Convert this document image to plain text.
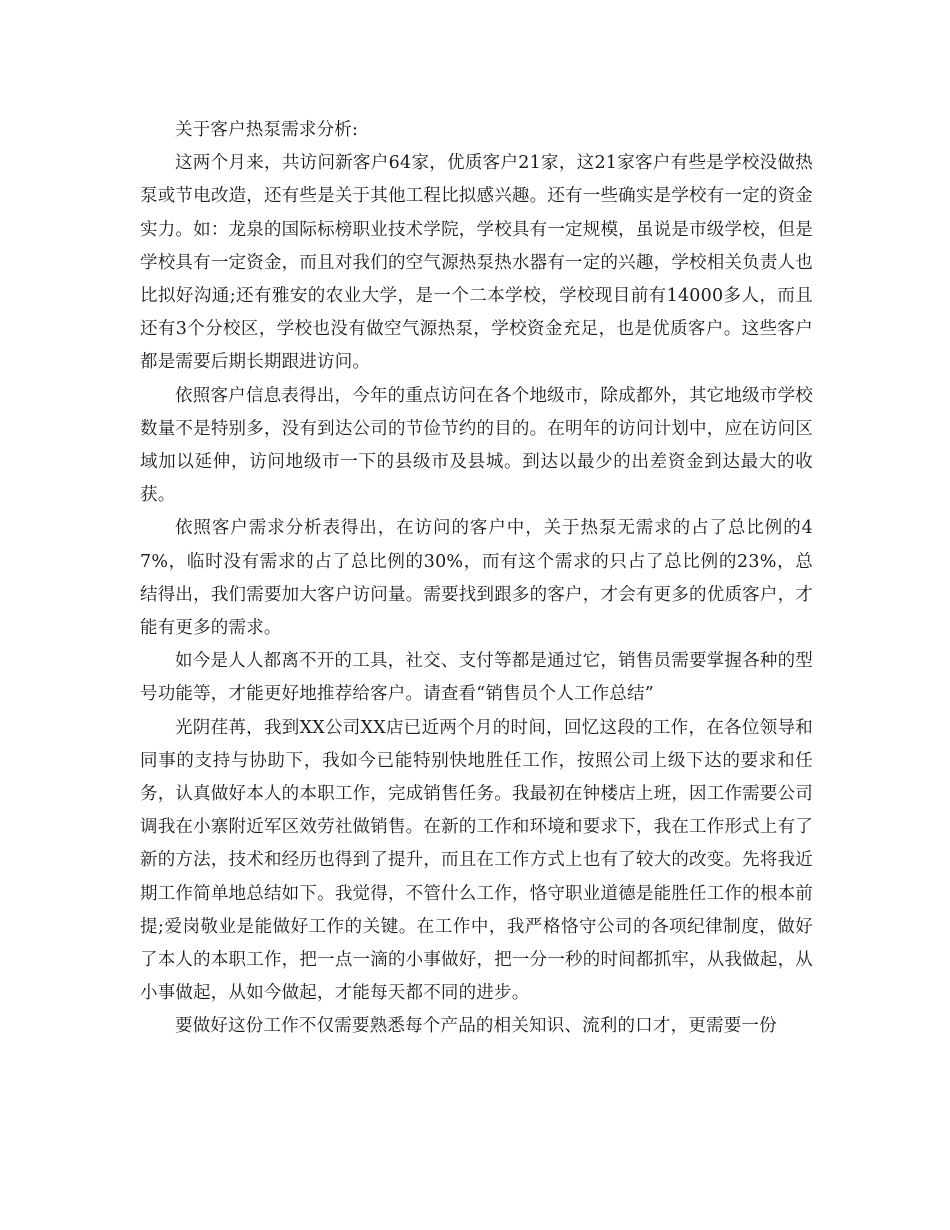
关于客户热泵需求分析:

这两个月来，共访问新客户64家，优质客户21家，这21家客户有些是学校没做热泵或节电改造，还有些是关于其他工程比拟感兴趣。还有一些确实是学校有一定的资金实力。如：龙泉的国际标榜职业技术学院，学校具有一定规模，虽说是市级学校，但是学校具有一定资金，而且对我们的空气源热泵热水器有一定的兴趣，学校相关负责人也比拟好沟通;还有雅安的农业大学，是一个二本学校，学校现目前有14000多人，而且还有3个分校区，学校也没有做空气源热泵，学校资金充足，也是优质客户。这些客户都是需要后期长期跟进访问。

依照客户信息表得出，今年的重点访问在各个地级市，除成都外，其它地级市学校数量不是特别多，没有到达公司的节俭节约的目的。在明年的访问计划中，应在访问区域加以延伸，访问地级市一下的县级市及县城。到达以最少的出差资金到达最大的收获。

依照客户需求分析表得出，在访问的客户中，关于热泵无需求的占了总比例的47%，临时没有需求的占了总比例的30%，而有这个需求的只占了总比例的23%，总结得出，我们需要加大客户访问量。需要找到跟多的客户，才会有更多的优质客户，才能有更多的需求。

如今是人人都离不开的工具，社交、支付等都是通过它，销售员需要掌握各种的型号功能等，才能更好地推荐给客户。请查看“销售员个人工作总结”

光阴荏苒，我到XX公司XX店已近两个月的时间，回忆这段的工作，在各位领导和同事的支持与协助下，我如今已能特别快地胜任工作，按照公司上级下达的要求和任务，认真做好本人的本职工作，完成销售任务。我最初在钟楼店上班，因工作需要公司调我在小寨附近军区效劳社做销售。在新的工作和环境和要求下，我在工作形式上有了新的方法，技术和经历也得到了提升，而且在工作方式上也有了较大的改变。先将我近期工作简单地总结如下。我觉得，不管什么工作，恪守职业道德是能胜任工作的根本前提;爱岗敬业是能做好工作的关键。在工作中，我严格恪守公司的各项纪律制度，做好了本人的本职工作，把一点一滴的小事做好，把一分一秒的时间都抓牢，从我做起，从小事做起，从如今做起，才能每天都不同的进步。

要做好这份工作不仅需要熟悉每个产品的相关知识、流利的口才，更需要一份
